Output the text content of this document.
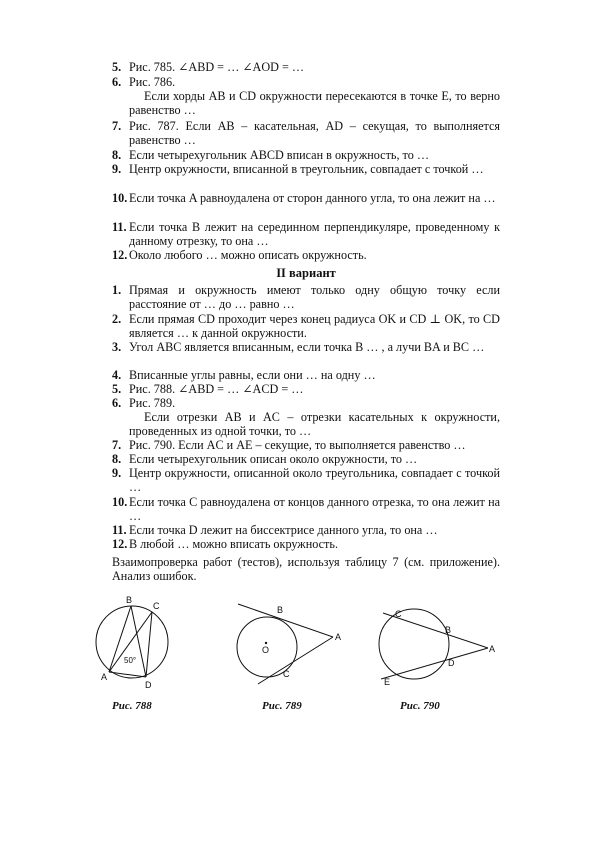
5. Рис. 785. ∠ABD = … ∠AOD = …
6. Рис. 786.
Если хорды AB и CD окружности пересекаются в точке E, то верно равенство …
7. Рис. 787. Если AB – касательная, AD – секущая, то выполняется равенство …
8. Если четырехугольник ABCD вписан в окружность, то …
9. Центр окружности, вписанной в треугольник, совпадает с точкой …
10. Если точка A равноудалена от сторон данного угла, то она лежит на …
11. Если точка B лежит на серединном перпендикуляре, проведенному к данному отрезку, то она …
12. Около любого … можно описать окружность.
II вариант
1. Прямая и окружность имеют только одну общую точку если расстояние от … до … равно …
2. Если прямая CD проходит через конец радиуса OK и CD ⊥ OK, то CD является … к данной окружности.
3. Угол ABC является вписанным, если точка B … , а лучи BA и BC …
4. Вписанные углы равны, если они … на одну …
5. Рис. 788. ∠ABD = … ∠ACD = …
6. Рис. 789.
Если отрезки AB и AC – отрезки касательных к окружности, проведенных из одной точки, то …
7. Рис. 790. Если AC и AE – секущие, то выполняется равенство …
8. Если четырехугольник описан около окружности, то …
9. Центр окружности, описанной около треугольника, совпадает с точкой …
10. Если точка C равноудалена от концов данного отрезка, то она лежит на …
11. Если точка D лежит на биссектрисе данного угла, то она …
12. В любой … можно вписать окружность.
Взаимопроверка работ (тестов), используя таблицу 7 (см. приложение). Анализ ошибок.
B
C
A
D
50°
Рис. 788
O
B
A
C
Рис. 789
C
B
A
D
E
Рис. 790
